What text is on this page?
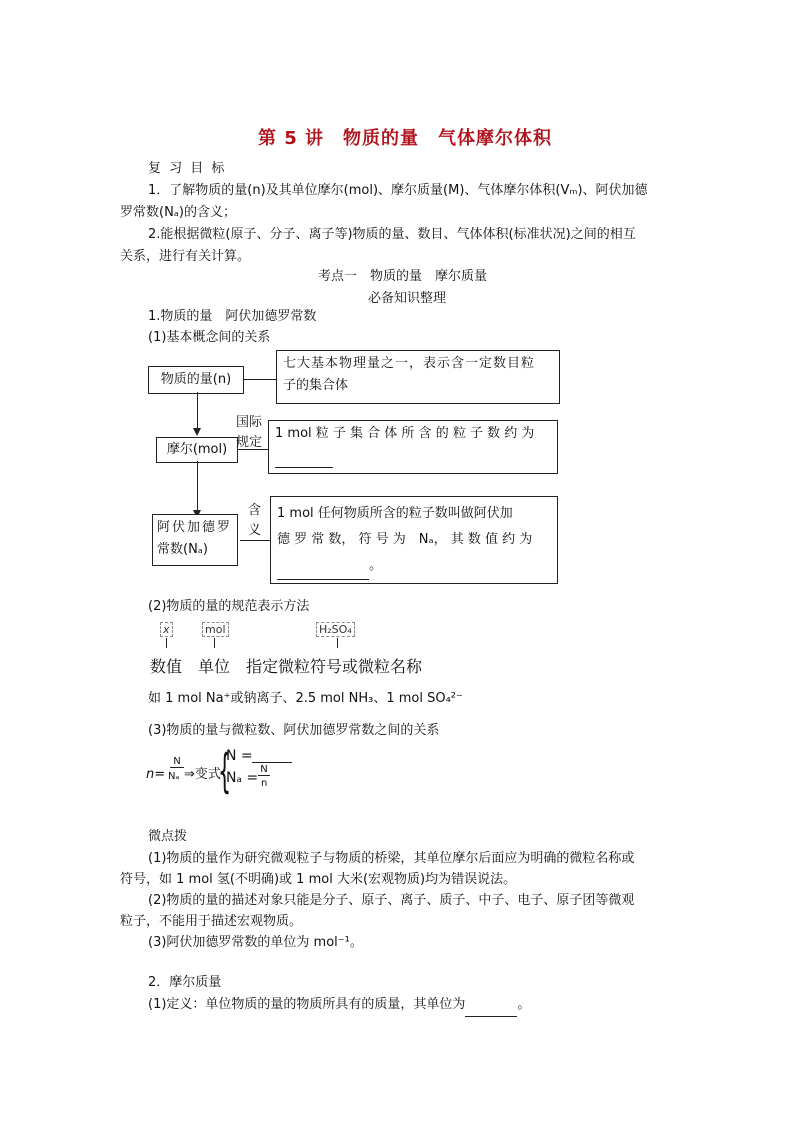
第 5 讲　物质的量　气体摩尔体积
复 习 目 标
1．了解物质的量(n)及其单位摩尔(mol)、摩尔质量(M)、气体摩尔体积(Vₘ)、阿伏加德
罗常数(Nₐ)的含义；
2.能根据微粒(原子、分子、离子等)物质的量、数目、气体体积(标准状况)之间的相互
关系，进行有关计算。
考点一　物质的量　摩尔质量
必备知识整理
1.物质的量　阿伏加德罗常数
(1)基本概念间的关系
物质的量(n)
七大基本物理量之一，表示含一定数目粒
子的集合体
摩尔(mol)
国际
规定
1 mol 粒 子 集 合 体 所 含 的 粒 子 数 约 为

阿伏加德罗
常数(Nₐ)
含
义
1 mol 任何物质所含的粒子数叫做阿伏加
德 罗 常 数， 符 号 为　Nₐ， 其 数 值 约 为
。
(2)物质的量的规范表示方法
x	mol	H₂SO₄
数值 单位 指定微粒符号或微粒名称
如 1 mol Na⁺或钠离子、2.5 mol NH₃、1 mol SO₄²⁻
(3)物质的量与微粒数、阿伏加德罗常数之间的关系
n=
N
Nₐ ⇒变式
{
N =
Nₐ =
N
n
微点拨
(1)物质的量作为研究微观粒子与物质的桥梁，其单位摩尔后面应为明确的微粒名称或
符号，如 1 mol 氢(不明确)或 1 mol 大米(宏观物质)均为错误说法。
(2)物质的量的描述对象只能是分子、原子、离子、质子、中子、电子、原子团等微观
粒子，不能用于描述宏观物质。
(3)阿伏加德罗常数的单位为 mol⁻¹。
2．摩尔质量
(1)定义：单位物质的量的物质所具有的质量，其单位为	。
